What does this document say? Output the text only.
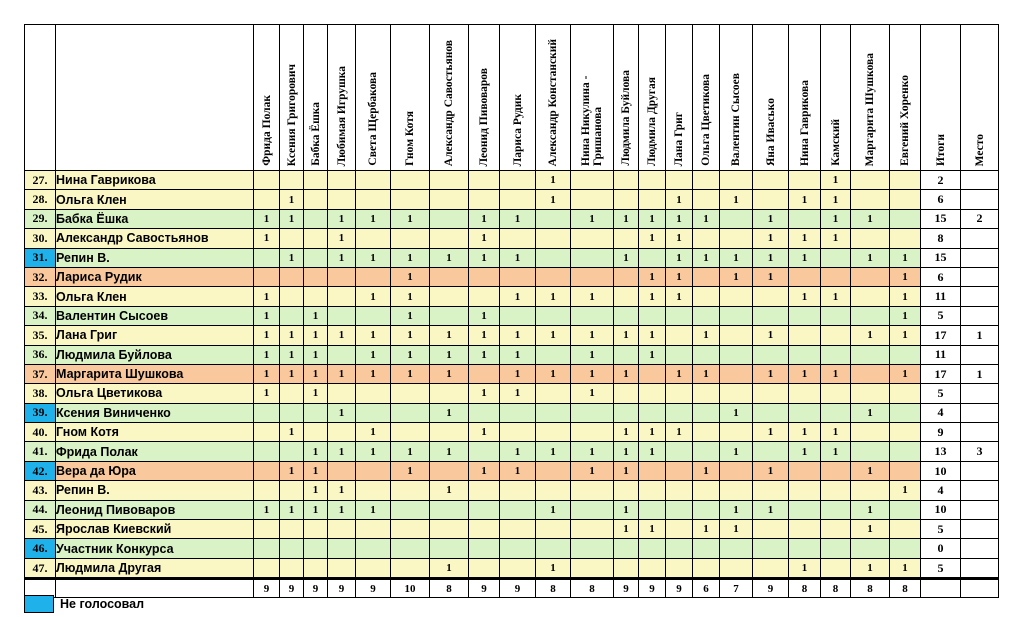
		Фрида Полак	Ксения Григорович	Бабка Ёшка	Любимая Игрушка	Света Щербакова	Гном Котя	Александр Савостьянов	Леонид Пивоваров	Лариса Рудик	Александр Констанский	Нина Никулина - Гришанова	Людмила Буйлова	Людмила Другая	Лана Григ	Ольга Цветикова	Валентин Сысоев	Яна Иваськo	Нина Гаврикова	Камский	Маргарита Шушкова	Евгений Хоренко	Итоги	Место

27.	Нина Гаврикова										1									1			2	
28.	Ольга Клен		1								1				1		1		1	1			6	
29.	Бабка Ёшка	1	1		1	1	1		1	1		1	1	1	1	1		1		1	1		15	2
30.	Александр Савостьянов	1			1				1					1	1			1	1	1			8	
31.	Репин В.		1		1	1	1	1	1	1			1		1	1	1	1	1		1	1	15	
32.	Лариса Рудик						1							1	1		1	1				1	6	
33.	Ольга Клен	1				1	1			1	1	1		1	1				1	1		1	11	
34.	Валентин Сысоев	1		1			1		1													1	5	
35.	Лана Григ	1	1	1	1	1	1	1	1	1	1	1	1	1		1		1			1	1	17	1
36.	Людмила Буйлова	1	1	1		1	1	1	1	1		1		1									11	
37.	Маргарита Шушкова	1	1	1	1	1	1	1		1	1	1	1		1	1		1	1	1		1	17	1
38.	Ольга Цветикова	1		1					1	1		1											5	
39.	Ксения Виниченко				1			1									1				1		4	
40.	Гном Котя		1			1			1				1	1	1			1	1	1			9	
41.	Фрида Полак			1	1	1	1	1		1	1	1	1	1			1		1	1			13	3
42.	Вера да Юра		1	1			1		1	1		1	1			1		1			1		10	
43.	Репин В.			1	1			1														1	4	
44.	Леонид Пивоваров	1	1	1	1	1					1		1				1	1			1		10	
45.	Ярослав Киевский												1	1		1	1				1		5	
46.	Участник Конкурса																						0	
47.	Людмила Другая							1			1								1		1	1	5	
		9	9	9	9	9	10	8	9	9	8	8	9	9	9	6	7	9	8	8	8	8		
Не голосовал
